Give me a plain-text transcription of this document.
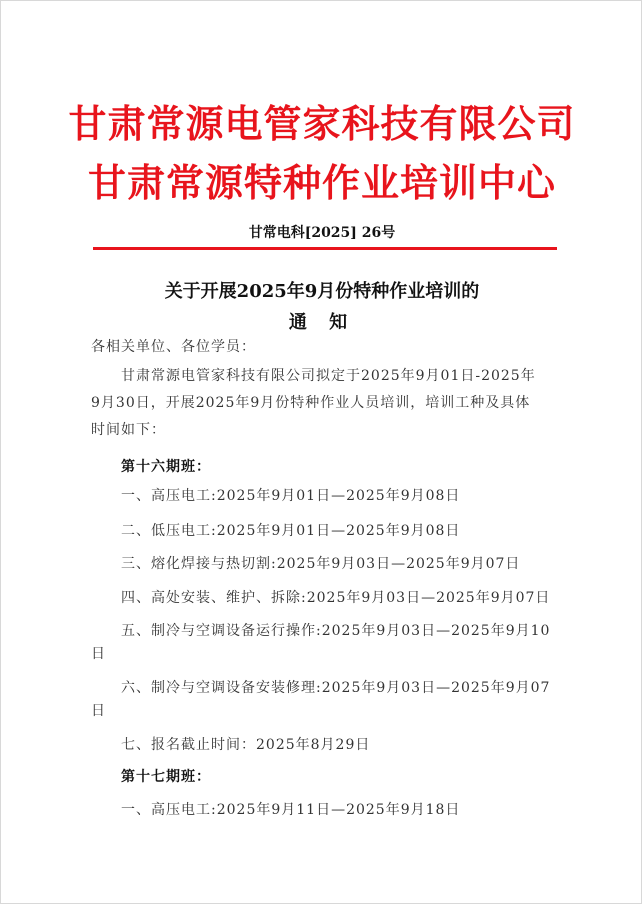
甘肃常源电管家科技有限公司
甘肃常源特种作业培训中心
甘常电科[2025] 26号
关于开展2025年9月份特种作业培训的
通 知
各相关单位、各位学员：
甘肃常源电管家科技有限公司拟定于2025年9月01日-2025年
9月30日，开展2025年9月份特种作业人员培训，培训工种及具体
时间如下：
第十六期班：
一、高压电工:2025年9月01日—2025年9月08日
二、低压电工:2025年9月01日—2025年9月08日
三、熔化焊接与热切割:2025年9月03日—2025年9月07日
四、高处安装、维护、拆除:2025年9月03日—2025年9月07日
五、制冷与空调设备运行操作:2025年9月03日—2025年9月10
日
六、制冷与空调设备安装修理:2025年9月03日—2025年9月07
日
七、报名截止时间：2025年8月29日
第十七期班：
一、高压电工:2025年9月11日—2025年9月18日
